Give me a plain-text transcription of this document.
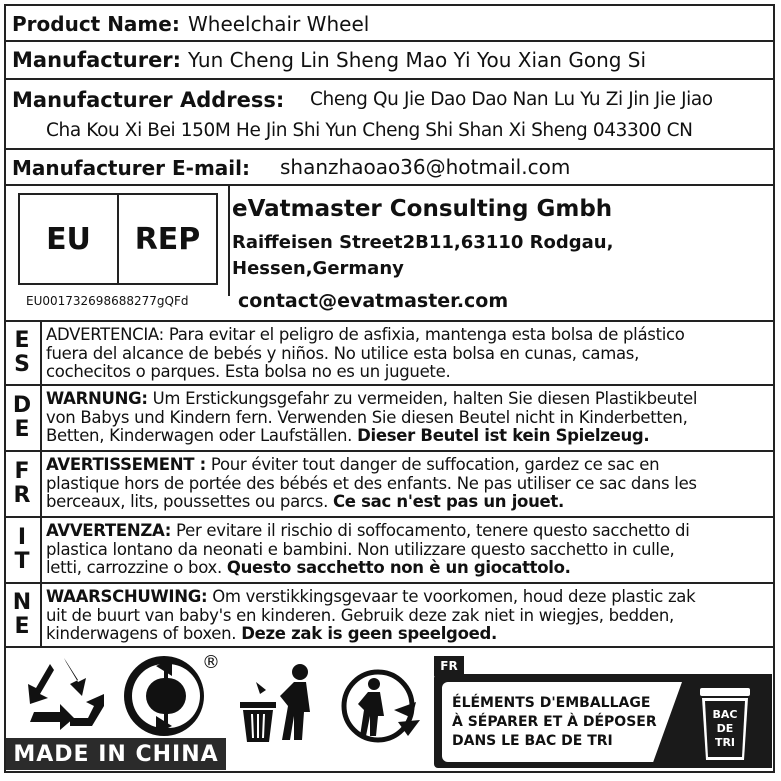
Product Name: Wheelchair Wheel
Manufacturer: Yun Cheng Lin Sheng Mao Yi You Xian Gong Si
Manufacturer Address: Cheng Qu Jie Dao Dao Nan Lu Yu Zi Jin Jie Jiao
Cha Kou Xi Bei 150M He Jin Shi Yun Cheng Shi Shan Xi Sheng 043300 CN
Manufacturer E-mail: shanzhaoao36@hotmail.com
EU	REP
eVatmaster Consulting Gmbh
Raiffeisen Street2B11,63110 Rodgau,
Hessen,Germany
EU001732698688277gQFd	contact@evatmaster.com
E
S
ADVERTENCIA: Para evitar el peligro de asfixia, mantenga esta bolsa de plástico
fuera del alcance de bebés y niños. No utilice esta bolsa en cunas, camas,
cochecitos o parques. Esta bolsa no es un juguete.
D
E
WARNUNG: Um Erstickungsgefahr zu vermeiden, halten Sie diesen Plastikbeutel
von Babys und Kindern fern. Verwenden Sie diesen Beutel nicht in Kinderbetten,
Betten, Kinderwagen oder Laufställen. Dieser Beutel ist kein Spielzeug.
F
R
AVERTISSEMENT : Pour éviter tout danger de suffocation, gardez ce sac en
plastique hors de portée des bébés et des enfants. Ne pas utiliser ce sac dans les
berceaux, lits, poussettes ou parcs. Ce sac n'est pas un jouet.
I
T
AVVERTENZA: Per evitare il rischio di soffocamento, tenere questo sacchetto di
plastica lontano da neonati e bambini. Non utilizzare questo sacchetto in culle,
letti, carrozzine o box. Questo sacchetto non è un giocattolo.
N
E
WAARSCHUWING: Om verstikkingsgevaar te voorkomen, houd deze plastic zak
uit de buurt van baby's en kinderen. Gebruik deze zak niet in wiegjes, bedden,
kinderwagens of boxen. Deze zak is geen speelgoed.
®
MADE IN CHINA
FR
ÉLÉMENTS D'EMBALLAGE
À SÉPARER ET À DÉPOSER
DANS LE BAC DE TRI
BAC
DE
TRI
